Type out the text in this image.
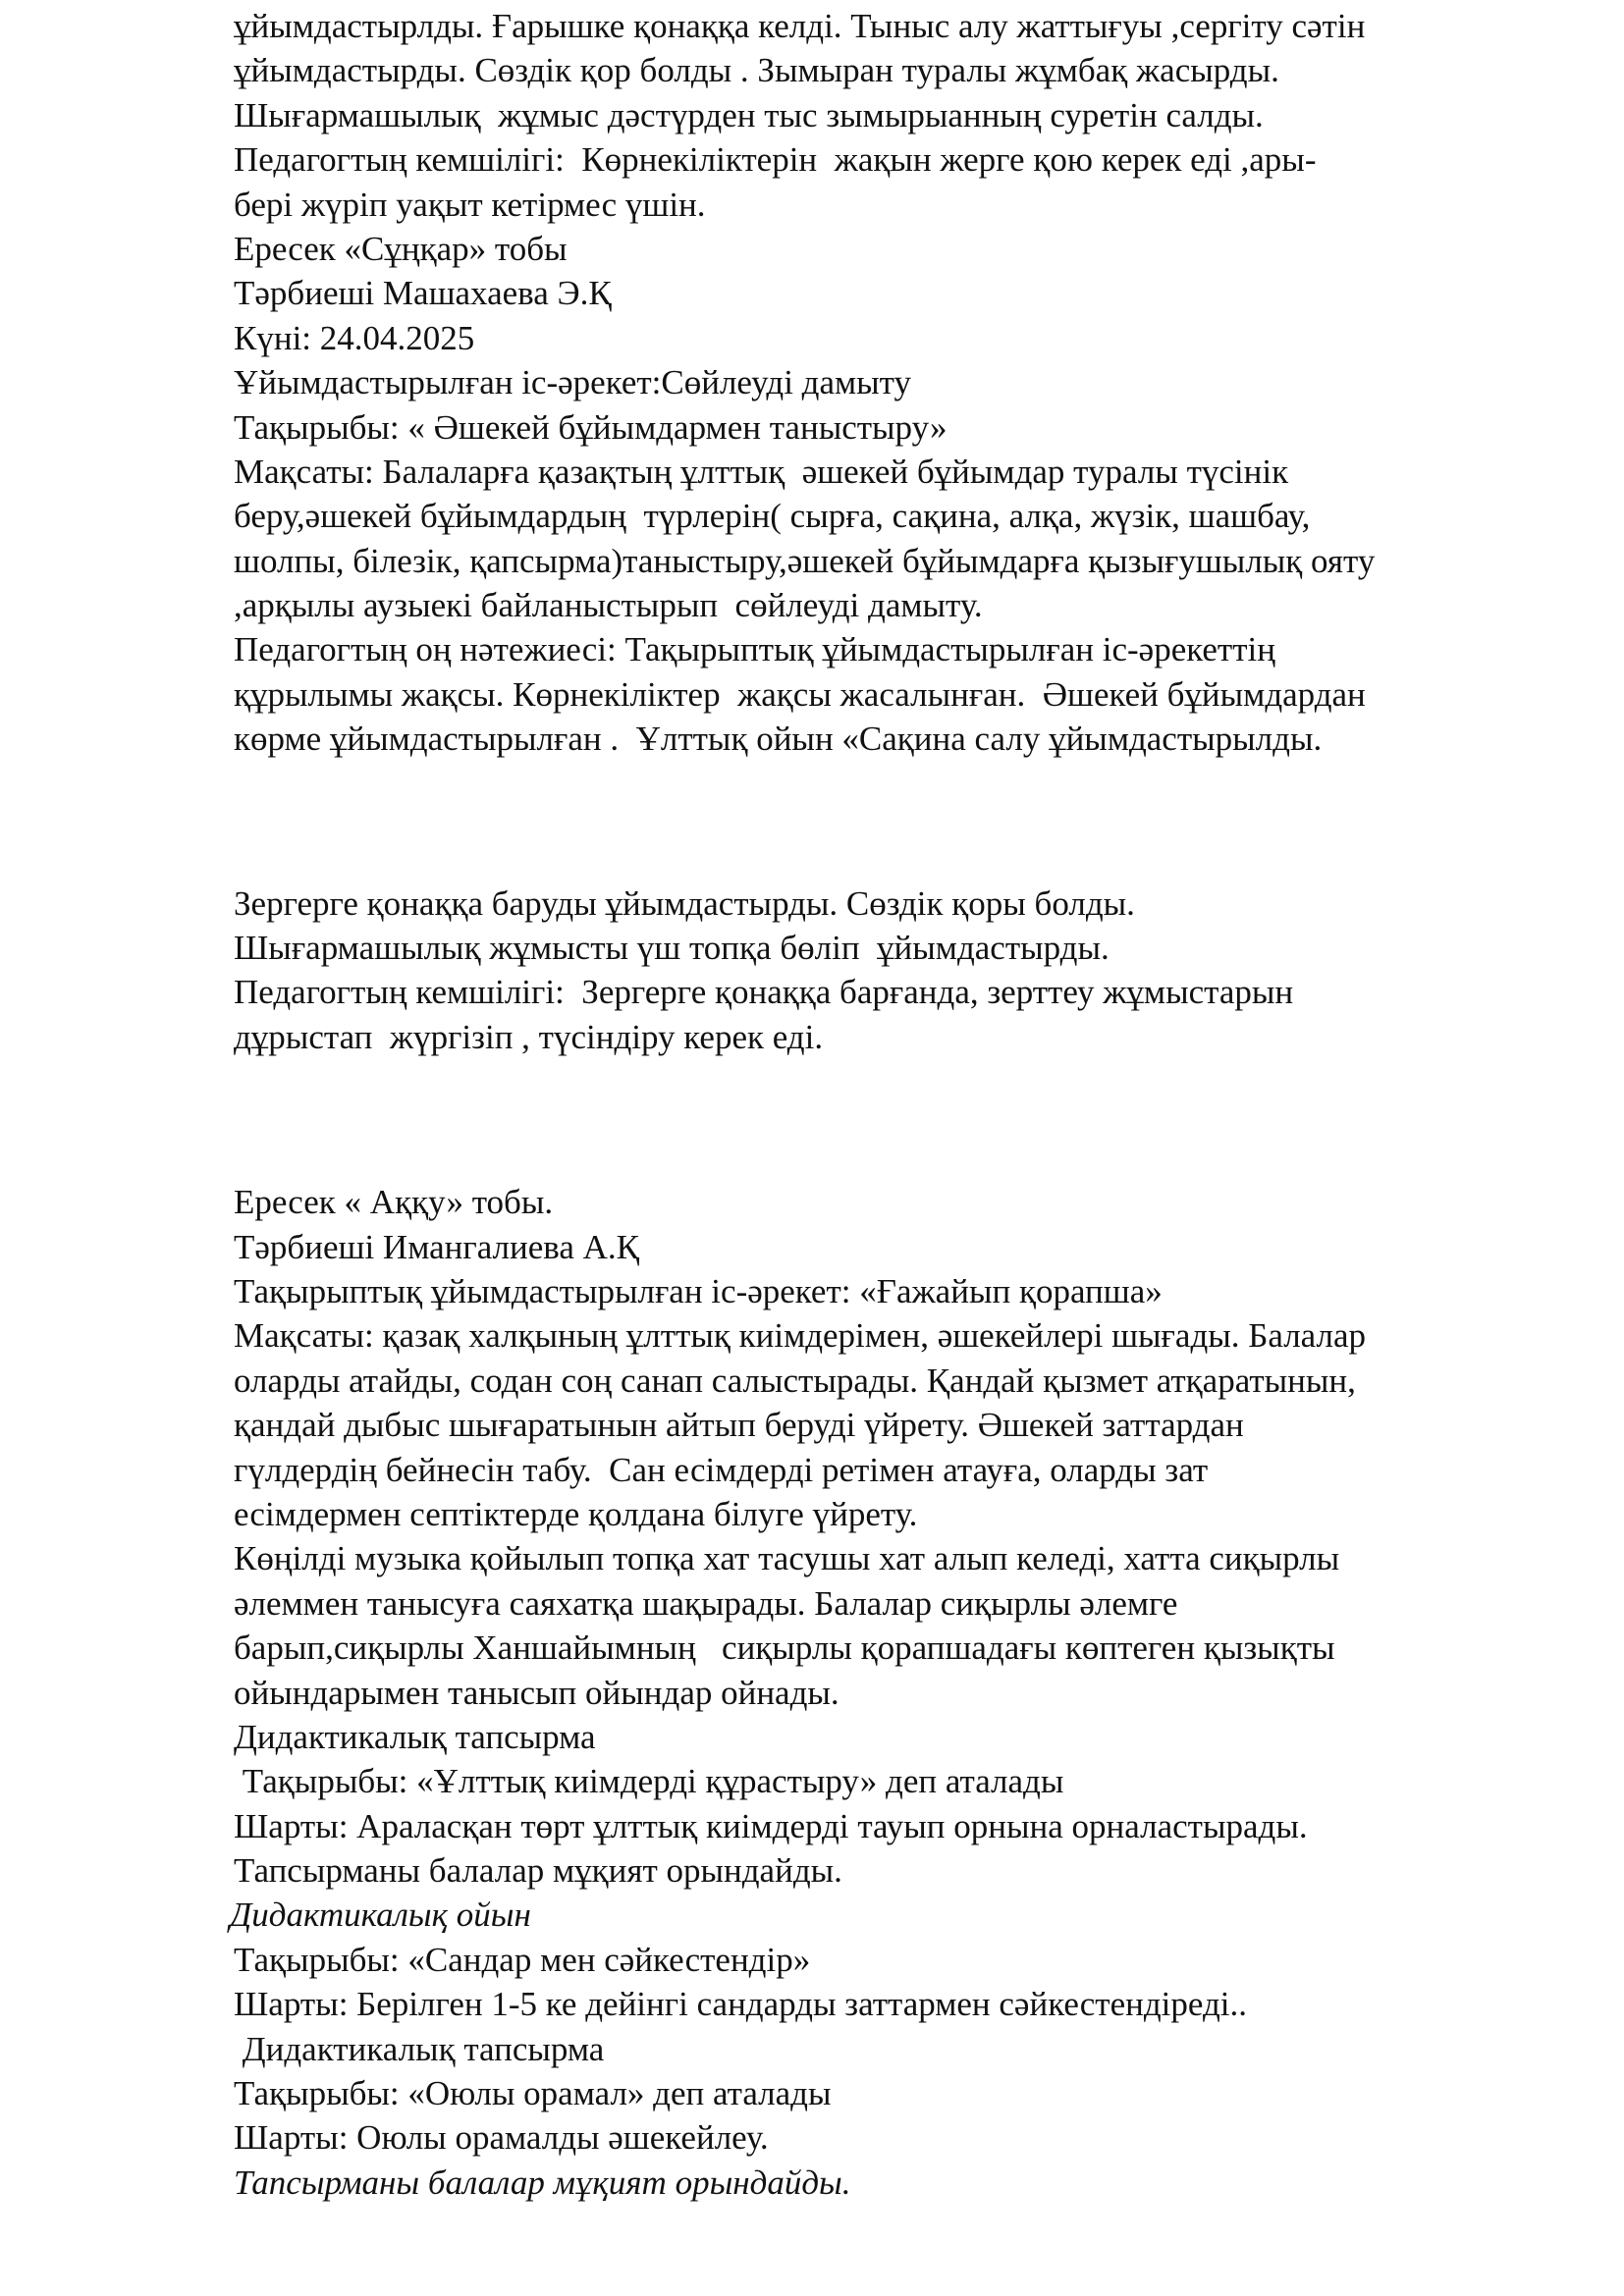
ұйымдастырлды. Ғарышке қонаққа келді. Тыныс алу жаттығуы ,сергіту сәтін
ұйымдастырды. Сөздік қор болды . Зымыран туралы жұмбақ жасырды.
Шығармашылық  жұмыс дәстүрден тыс зымырыанның суретін салды.
Педагогтың кемшілігі:  Көрнекіліктерін  жақын жерге қою керек еді ,ары-
бері жүріп уақыт кетірмес үшін.
Ересек «Сұңқар» тобы
Тәрбиеші Машахаева Э.Қ
Күні: 24.04.2025
Ұйымдастырылған іс-әрекет:Сөйлеуді дамыту
Тақырыбы: « Әшекей бұйымдармен таныстыру»
Мақсаты: Балаларға қазақтың ұлттық  әшекей бұйымдар туралы түсінік
беру,әшекей бұйымдардың  түрлерін( сырға, сақина, алқа, жүзік, шашбау,
шолпы, білезік, қапсырма)таныстыру,әшекей бұйымдарға қызығушылық ояту
,арқылы аузыекі байланыстырып  сөйлеуді дамыту.
Педагогтың оң нәтежиесі: Тақырыптық ұйымдастырылған іс-әрекеттің
құрылымы жақсы. Көрнекіліктер  жақсы жасалынған.  Әшекей бұйымдардан
көрме ұйымдастырылған .  Ұлттық ойын «Сақина салу ұйымдастырылды.
Зергерге қонаққа баруды ұйымдастырды. Сөздік қоры болды.
Шығармашылық жұмысты үш топқа бөліп  ұйымдастырды.
Педагогтың кемшілігі:  Зергерге қонаққа барғанда, зерттеу жұмыстарын
дұрыстап  жүргізіп , түсіндіру керек еді.
Ересек « Аққу» тобы.
Тәрбиеші Имангалиева А.Қ
Тақырыптық ұйымдастырылған іс-әрекет: «Ғажайып қорапша»
Мақсаты: қазақ халқының ұлттық киімдерімен, әшекейлері шығады. Балалар
оларды атайды, содан соң санап салыстырады. Қандай қызмет атқаратынын,
қандай дыбыс шығаратынын айтып беруді үйрету. Әшекей заттардан
гүлдердің бейнесін табу.  Сан есімдерді ретімен атауға, оларды зат
есімдермен септіктерде қолдана білуге үйрету.
Көңілді музыка қойылып топқа хат тасушы хат алып келеді, хатта сиқырлы
әлеммен танысуға саяхатқа шақырады. Балалар сиқырлы әлемге
барып,сиқырлы Ханшайымның   сиқырлы қорапшадағы көптеген қызықты
ойындарымен танысып ойындар ойнады.
Дидактикалық тапсырма
Тақырыбы: «Ұлттық киімдерді құрастыру» деп аталады
Шарты: Араласқан төрт ұлттық киімдерді тауып орнына орналастырады.
Тапсырманы балалар мұқият орындайды.
Дидактикалық ойын
Тақырыбы: «Сандар мен сәйкестендір»
Шарты: Берілген 1-5 ке дейінгі сандарды заттармен сәйкестендіреді..
Дидактикалық тапсырма
Тақырыбы: «Оюлы орамал» деп аталады
Шарты: Оюлы орамалды әшекейлеу.
Тапсырманы балалар мұқият орындайды.
